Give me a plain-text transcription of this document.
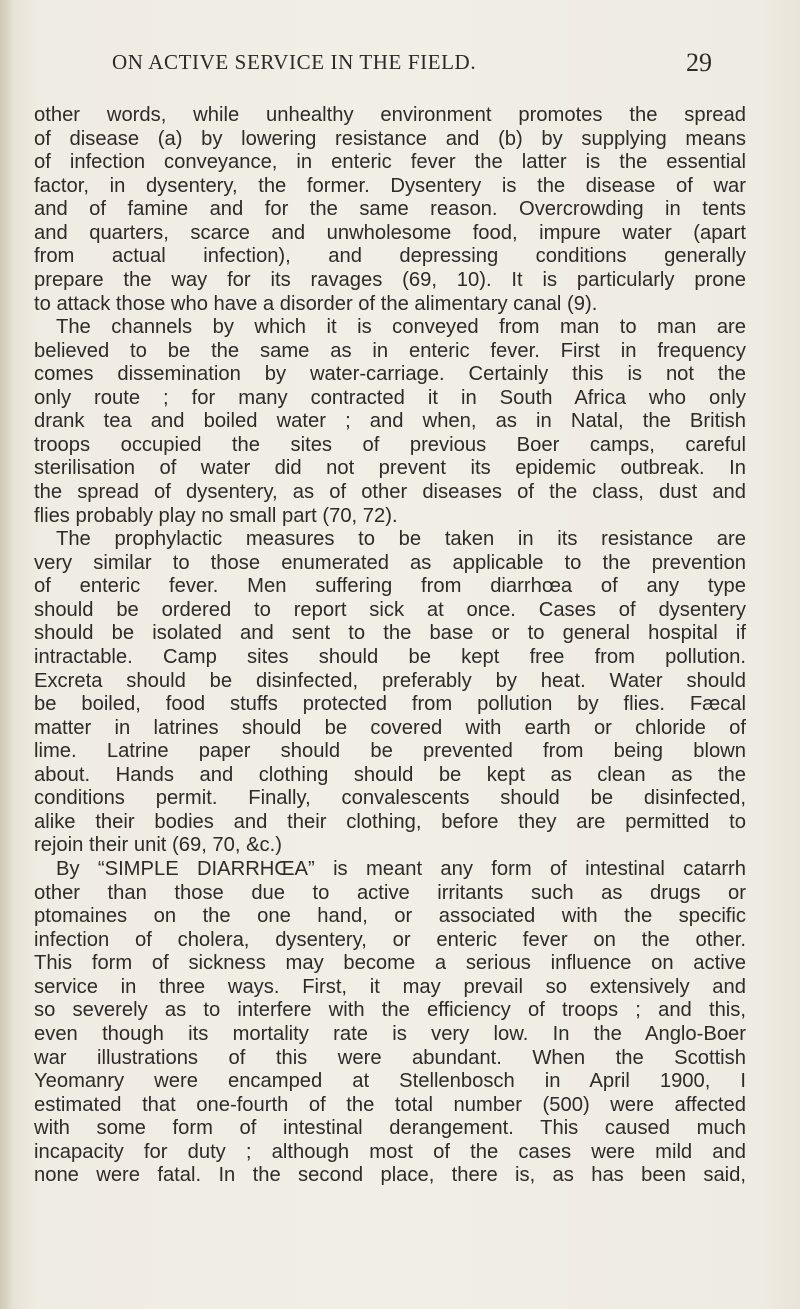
ON ACTIVE SERVICE IN THE FIELD.	29
other words, while unhealthy environment promotes the spread
of disease (a) by lowering resistance and (b) by supplying means
of infection conveyance, in enteric fever the latter is the essential
factor, in dysentery, the former. Dysentery is the disease of war
and of famine and for the same reason. Overcrowding in tents
and quarters, scarce and unwholesome food, impure water (apart
from actual infection), and depressing conditions generally
prepare the way for its ravages (69, 10). It is particularly prone
to attack those who have a disorder of the alimentary canal (9).
The channels by which it is conveyed from man to man are
believed to be the same as in enteric fever. First in frequency
comes dissemination by water-carriage. Certainly this is not the
only route ; for many contracted it in South Africa who only
drank tea and boiled water ; and when, as in Natal, the British
troops occupied the sites of previous Boer camps, careful
sterilisation of water did not prevent its epidemic outbreak. In
the spread of dysentery, as of other diseases of the class, dust and
flies probably play no small part (70, 72).
The prophylactic measures to be taken in its resistance are
very similar to those enumerated as applicable to the prevention
of enteric fever. Men suffering from diarrhœa of any type
should be ordered to report sick at once. Cases of dysentery
should be isolated and sent to the base or to general hospital if
intractable. Camp sites should be kept free from pollution.
Excreta should be disinfected, preferably by heat. Water should
be boiled, food stuffs protected from pollution by flies. Fæcal
matter in latrines should be covered with earth or chloride of
lime. Latrine paper should be prevented from being blown
about. Hands and clothing should be kept as clean as the
conditions permit. Finally, convalescents should be disinfected,
alike their bodies and their clothing, before they are permitted to
rejoin their unit (69, 70, &c.)
By “SIMPLE DIARRHŒA” is meant any form of intestinal catarrh
other than those due to active irritants such as drugs or
ptomaines on the one hand, or associated with the specific
infection of cholera, dysentery, or enteric fever on the other.
This form of sickness may become a serious influence on active
service in three ways. First, it may prevail so extensively and
so severely as to interfere with the efficiency of troops ; and this,
even though its mortality rate is very low. In the Anglo-Boer
war illustrations of this were abundant. When the Scottish
Yeomanry were encamped at Stellenbosch in April 1900, I
estimated that one-fourth of the total number (500) were affected
with some form of intestinal derangement. This caused much
incapacity for duty ; although most of the cases were mild and
none were fatal. In the second place, there is, as has been said,
